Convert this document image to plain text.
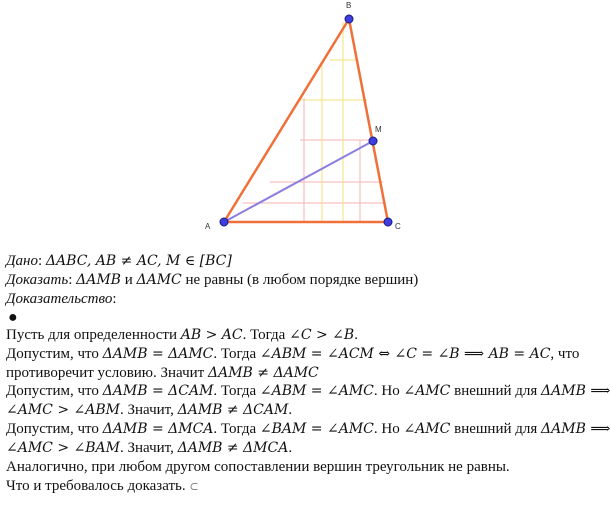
A
B
C
M

Дано: ΔABC, AB ≠ AC, M ∈ [BC]

Доказать: ΔAMB и ΔAMC не равны (в любом порядке вершин)

Доказательство:

●

Пусть для определенности AB > AC. Тогда ∠C > ∠B.

Допустим, что ΔAMB = ΔAMC. Тогда ∠ABM = ∠ACM ⇔ ∠C = ∠B ⟹ AB = AC, что

противоречит условию. Значит ΔAMB ≠ ΔAMC

Допустим, что ΔAMB = ΔCAM. Тогда ∠ABM = ∠AMC. Но ∠AMC внешний для ΔAMB ⟹

∠AMC > ∠ABM. Значит, ΔAMB ≠ ΔCAM.

Допустим, что ΔAMB = ΔMCA. Тогда ∠BAM = ∠AMC. Но ∠AMC внешний для ΔAMB ⟹

∠AMC > ∠BAM. Значит, ΔAMB ≠ ΔMCA.

Аналогично, при любом другом сопоставлении вершин треугольник не равны.

Что и требовалось доказать. ⊂
